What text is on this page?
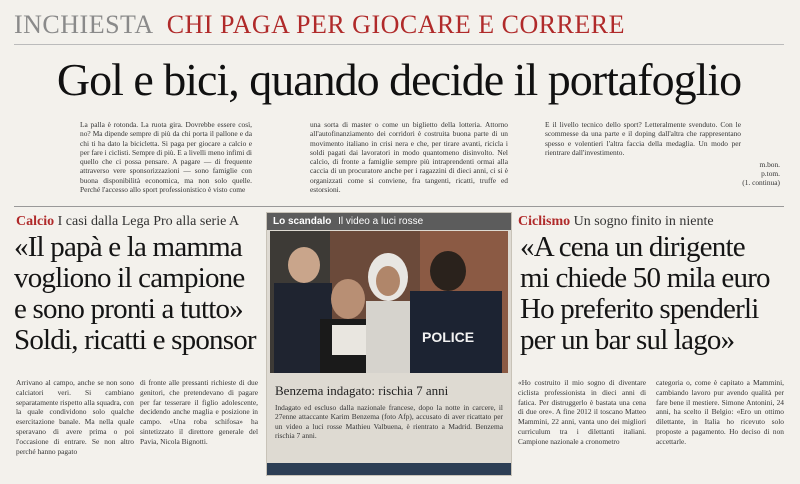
INCHIESTA CHI PAGA PER GIOCARE E CORRERE
Gol e bici, quando decide il portafoglio
La palla è rotonda. La ruota gira. Dovrebbe essere così, no? Ma dipende sempre di più da chi porta il pallone e da chi ti ha dato la bicicletta. Si paga per giocare a calcio e per fare i ciclisti. Sempre di più. E a livelli meno infimi di quello che ci possa pensare. A pagare — di frequente attraverso vere sponsorizzazioni — sono famiglie con buona disponibilità economica, ma non solo quelle. Perché l'accesso allo sport professionistico è visto come
una sorta di master o come un biglietto della lotteria. Attorno all'autofinanziamento dei corridori è costruita buona parte di un movimento italiano in crisi nera e che, per tirare avanti, ricicla i soldi pagati dai lavoratori in modo quantomeno disinvolto. Nel calcio, di fronte a famiglie sempre più intraprendenti ormai alla caccia di un procuratore anche per i ragazzini di dieci anni, ci si è organizzati come si conviene, fra tangenti, ricatti, truffe ed estorsioni.
E il livello tecnico dello sport? Letteralmente svenduto. Con le scommesse da una parte e il doping dall'altra che rappresentano spesso e volentieri l'altra faccia della medaglia. Un modo per rientrare dall'investimento.
m.bon.
p.tom.
(1. continua)
Calcio I casi dalla Lega Pro alla serie A
«Il papà e la mamma
vogliono il campione
e sono pronti a tutto»
Soldi, ricatti e sponsor
Arrivano al campo, anche se non sono calciatori veri. Si cambiano separatamente rispetto alla squadra, con la quale condividono solo qualche esercitazione banale. Ma nella quale speravano di avere prima o poi l'occasione di entrare. Se non altro perché hanno pagato
di fronte alle pressanti richieste di due genitori, che pretendevano di pagare per far tesserare il figlio adolescente, decidendo anche maglia e posizione in campo. «Una roba schifosa» ha sintetizzato il direttore generale del Pavia, Nicola Bignotti.
Lo scandalo Il video a luci rosse
POLICE
Benzema indagato: rischia 7 anni
Indagato ed escluso dalla nazionale francese, dopo la notte in carcere, il 27enne attaccante Karim Benzema (foto Afp), accusato di aver ricattato per un video a luci rosse Mathieu Valbuena, è rientrato a Madrid. Benzema rischia 7 anni.
Ciclismo Un sogno finito in niente
«A cena un dirigente
mi chiede 50 mila euro
Ho preferito spenderli
per un bar sul lago»
«Ho costruito il mio sogno di diventare ciclista professionista in dieci anni di fatica. Per distruggerlo è bastata una cena di due ore». A fine 2012 il toscano Matteo Mammini, 22 anni, vanta uno dei migliori curriculum tra i dilettanti italiani. Campione nazionale a cronometro
categoria o, come è capitato a Mammini, cambiando lavoro pur avendo qualità per fare bene il mestiere. Simone Antonini, 24 anni, ha scelto il Belgio: «Ero un ottimo dilettante, in Italia ho ricevuto solo proposte a pagamento. Ho deciso di non accettarle.
